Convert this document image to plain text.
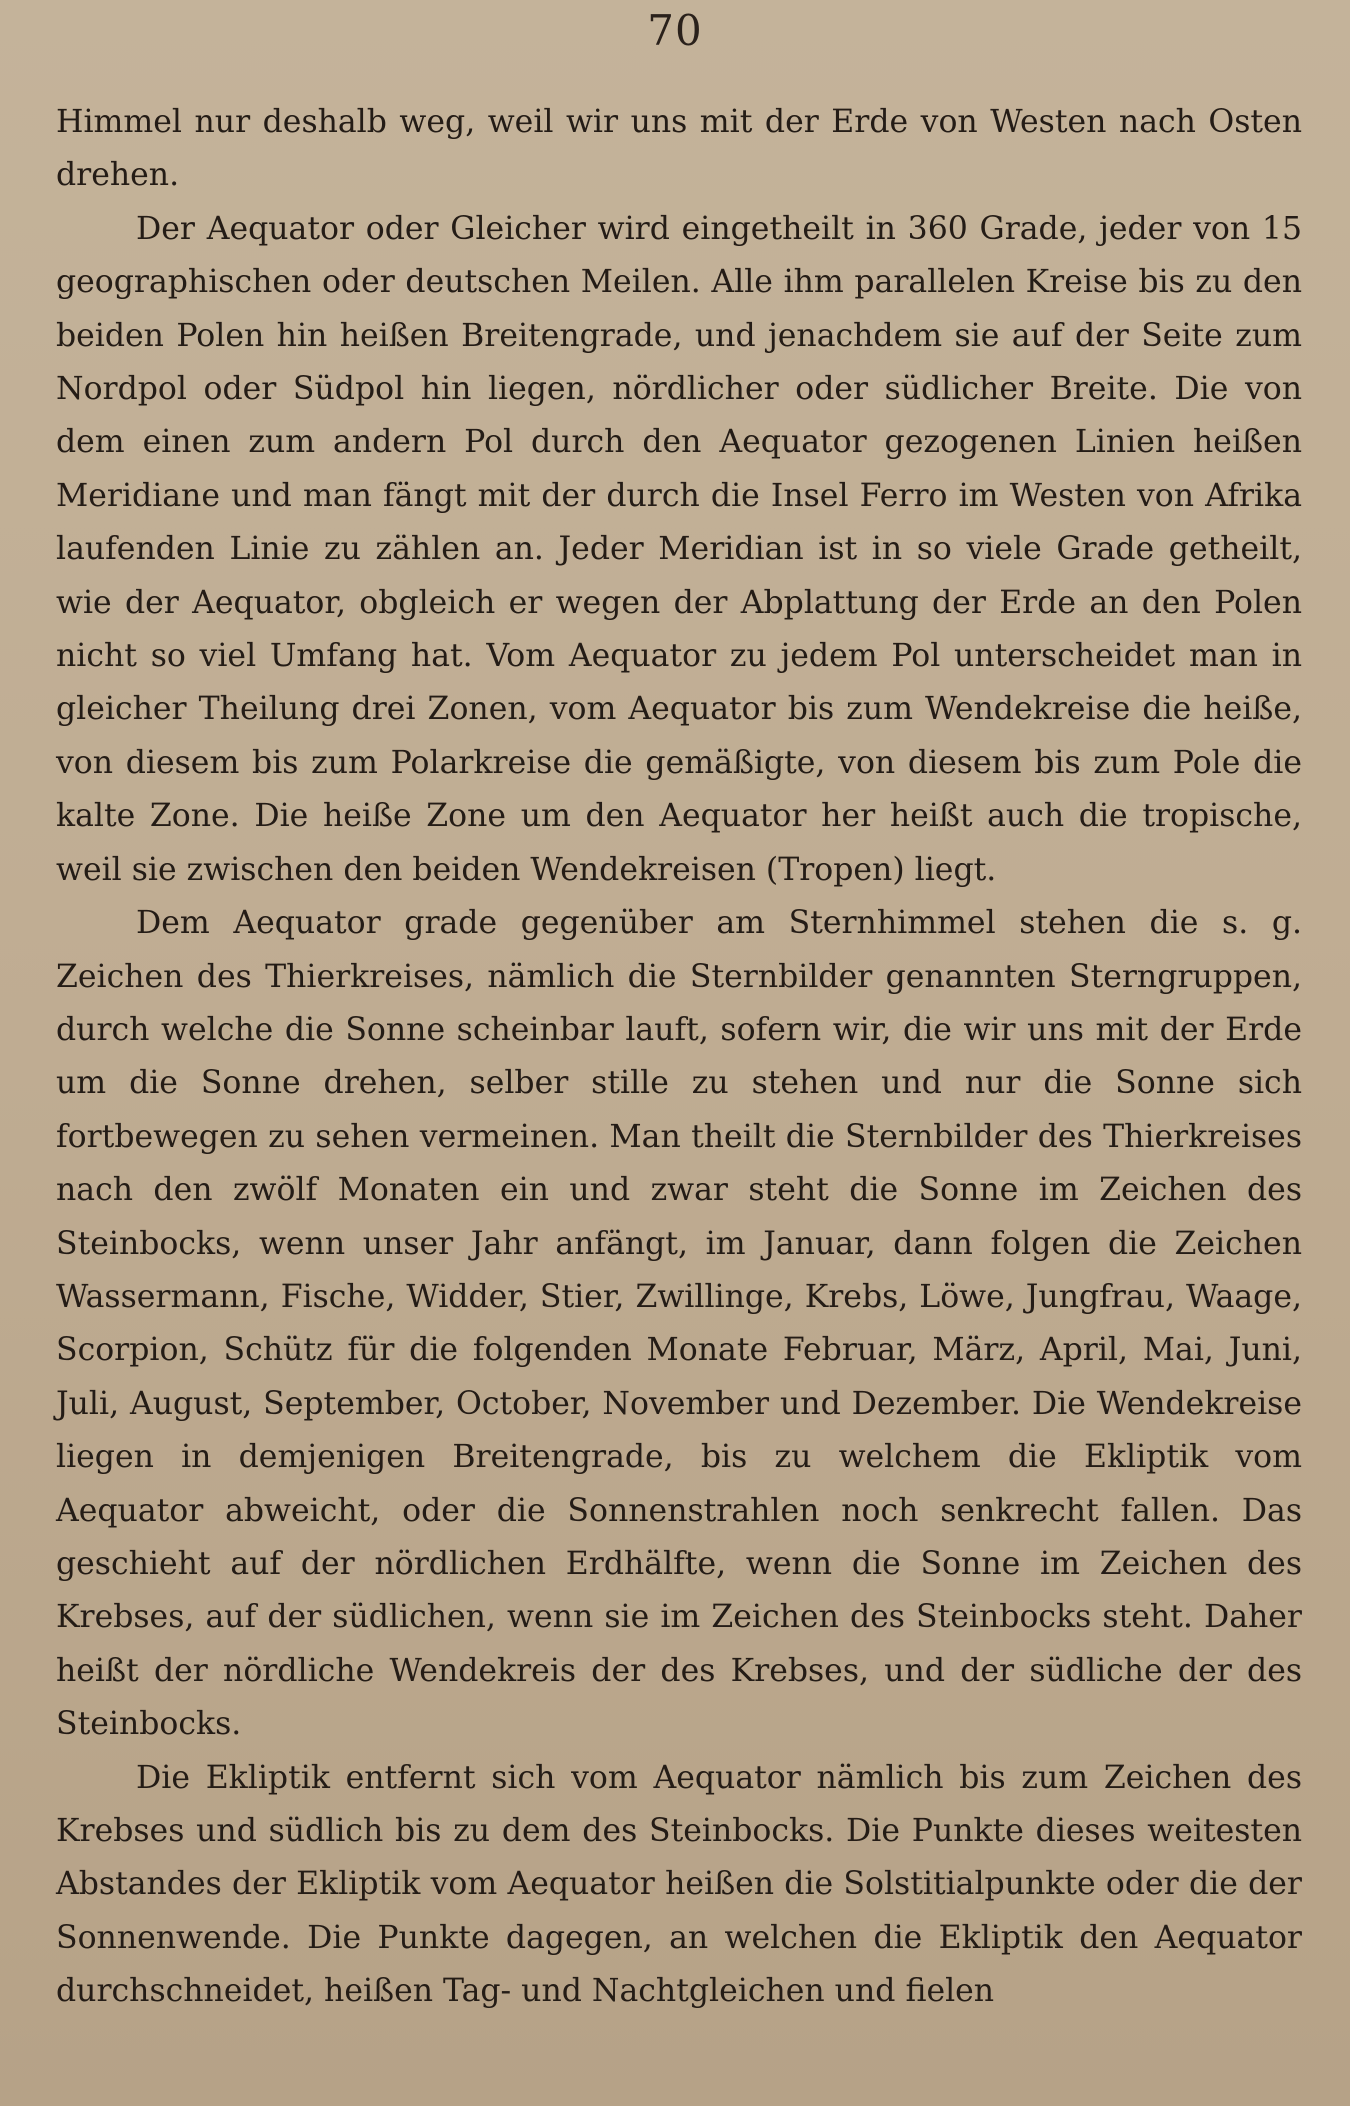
70

Himmel nur deshalb weg, weil wir uns mit der Erde von Westen nach Osten drehen.

Der Aequator oder Gleicher wird eingetheilt in 360 Grade, jeder von 15 geographischen oder deutschen Meilen. Alle ihm parallelen Kreise bis zu den beiden Polen hin heißen Breitengrade, und jenachdem sie auf der Seite zum Nordpol oder Südpol hin liegen, nördlicher oder südlicher Breite. Die von dem einen zum andern Pol durch den Aequator gezogenen Linien heißen Meridiane und man fängt mit der durch die Insel Ferro im Westen von Afrika laufenden Linie zu zählen an. Jeder Meridian ist in so viele Grade getheilt, wie der Aequator, obgleich er wegen der Abplattung der Erde an den Polen nicht so viel Umfang hat. Vom Aequator zu jedem Pol unterscheidet man in gleicher Theilung drei Zonen, vom Aequator bis zum Wendekreise die heiße, von diesem bis zum Polarkreise die gemäßigte, von diesem bis zum Pole die kalte Zone. Die heiße Zone um den Aequator her heißt auch die tropische, weil sie zwischen den beiden Wendekreisen (Tropen) liegt.

Dem Aequator grade gegenüber am Sternhimmel stehen die s. g. Zeichen des Thierkreises, nämlich die Sternbilder genannten Sterngruppen, durch welche die Sonne scheinbar lauft, sofern wir, die wir uns mit der Erde um die Sonne drehen, selber stille zu stehen und nur die Sonne sich fortbewegen zu sehen vermeinen. Man theilt die Sternbilder des Thierkreises nach den zwölf Monaten ein und zwar steht die Sonne im Zeichen des Steinbocks, wenn unser Jahr anfängt, im Januar, dann folgen die Zeichen Wassermann, Fische, Widder, Stier, Zwillinge, Krebs, Löwe, Jungfrau, Waage, Scorpion, Schütz für die folgenden Monate Februar, März, April, Mai, Juni, Juli, August, September, October, November und Dezember. Die Wendekreise liegen in demjenigen Breitengrade, bis zu welchem die Ekliptik vom Aequator abweicht, oder die Sonnenstrahlen noch senkrecht fallen. Das geschieht auf der nördlichen Erdhälfte, wenn die Sonne im Zeichen des Krebses, auf der südlichen, wenn sie im Zeichen des Steinbocks steht. Daher heißt der nördliche Wendekreis der des Krebses, und der südliche der des Steinbocks.

Die Ekliptik entfernt sich vom Aequator nämlich bis zum Zeichen des Krebses und südlich bis zu dem des Steinbocks. Die Punkte dieses weitesten Abstandes der Ekliptik vom Aequator heißen die Solstitialpunkte oder die der Sonnenwende. Die Punkte dagegen, an welchen die Ekliptik den Aequator durchschneidet, heißen Tag- und Nachtgleichen und fielen
